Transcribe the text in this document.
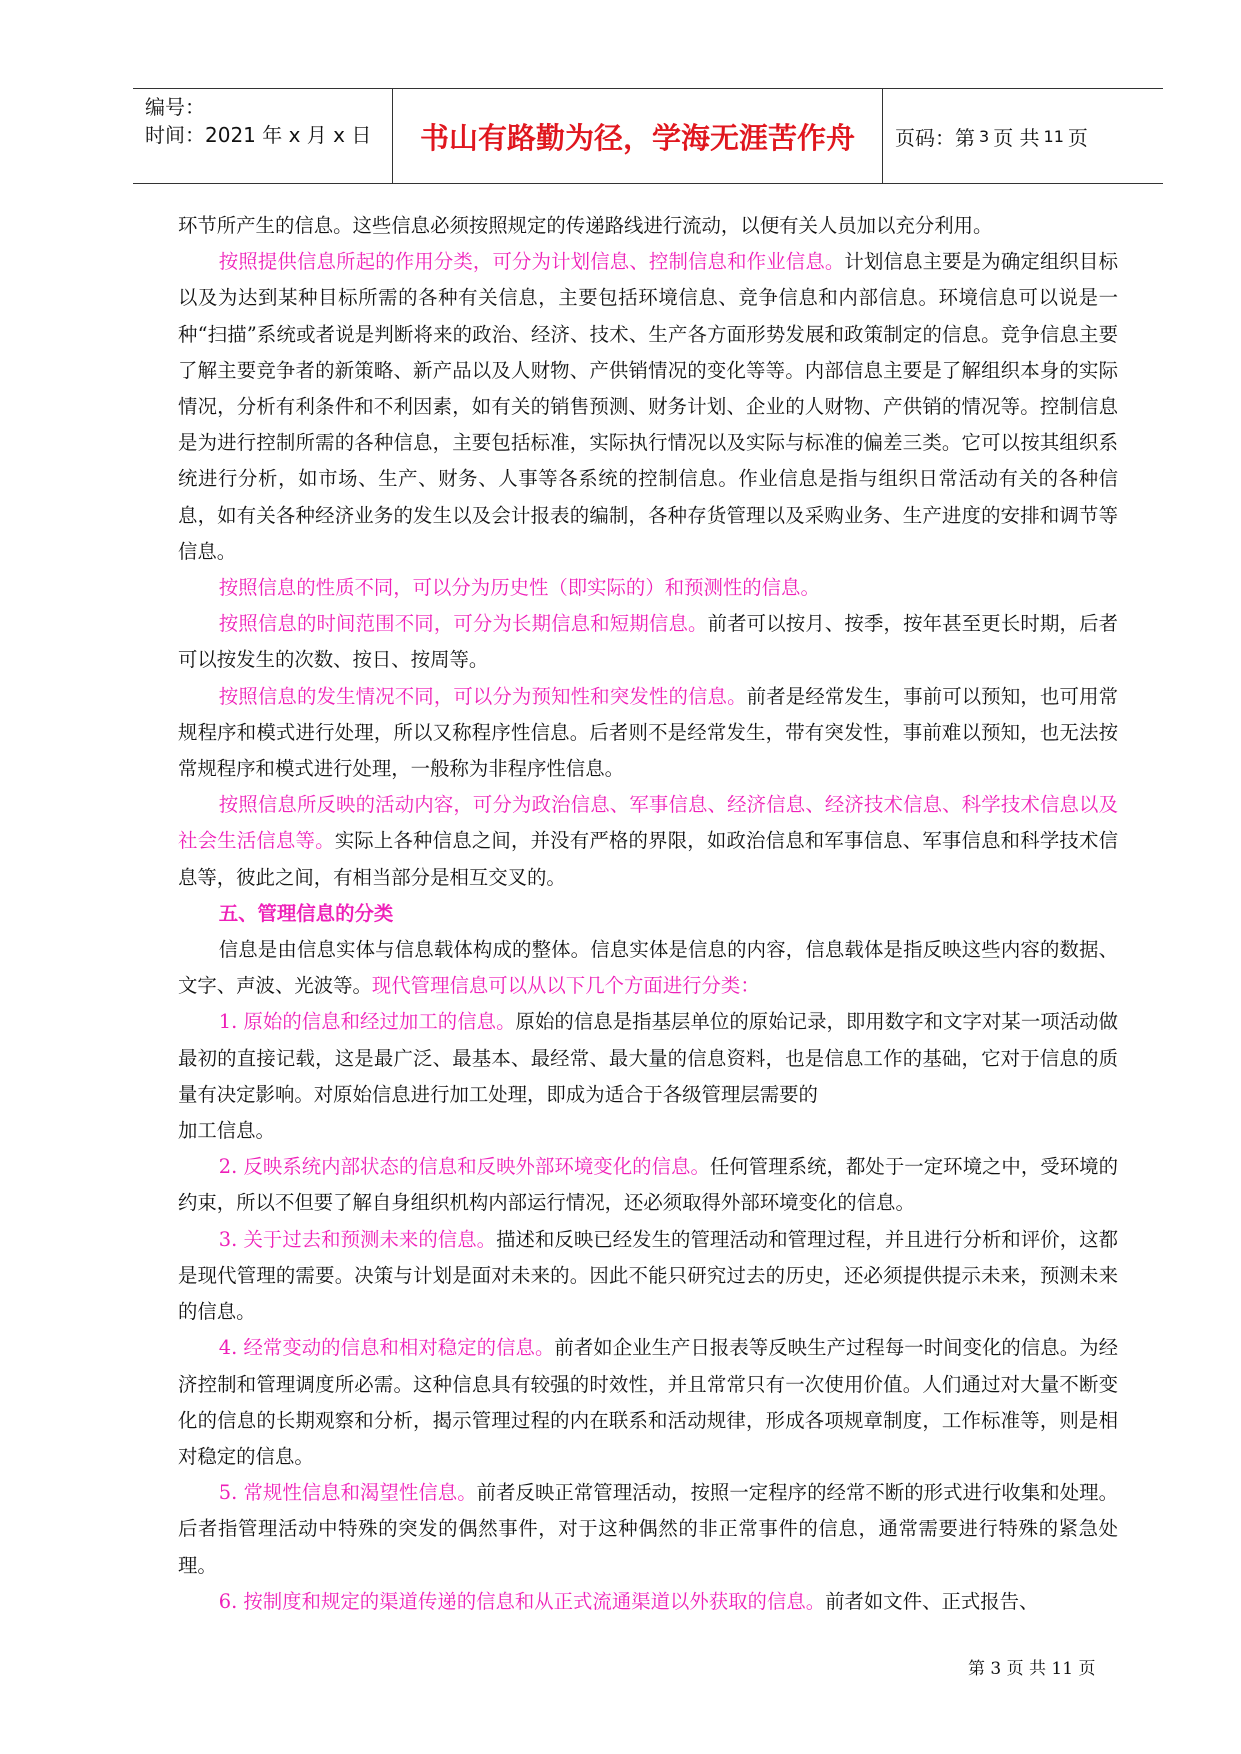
编号：
时间：2021 年 x 月 x 日	书山有路勤为径，学海无涯苦作舟	页码：第 3 页 共 11 页

环节所产生的信息。这些信息必须按照规定的传递路线进行流动，以便有关人员加以充分利用。

按照提供信息所起的作用分类，可分为计划信息、控制信息和作业信息。计划信息主要是为确定组织目标以及为达到某种目标所需的各种有关信息，主要包括环境信息、竞争信息和内部信息。环境信息可以说是一种“扫描”系统或者说是判断将来的政治、经济、技术、生产各方面形势发展和政策制定的信息。竞争信息主要了解主要竞争者的新策略、新产品以及人财物、产供销情况的变化等等。内部信息主要是了解组织本身的实际情况，分析有利条件和不利因素，如有关的销售预测、财务计划、企业的人财物、产供销的情况等。控制信息是为进行控制所需的各种信息，主要包括标准，实际执行情况以及实际与标准的偏差三类。它可以按其组织系统进行分析，如市场、生产、财务、人事等各系统的控制信息。作业信息是指与组织日常活动有关的各种信息，如有关各种经济业务的发生以及会计报表的编制，各种存货管理以及采购业务、生产进度的安排和调节等信息。

按照信息的性质不同，可以分为历史性（即实际的）和预测性的信息。

按照信息的时间范围不同，可分为长期信息和短期信息。前者可以按月、按季，按年甚至更长时期，后者可以按发生的次数、按日、按周等。

按照信息的发生情况不同，可以分为预知性和突发性的信息。前者是经常发生，事前可以预知，也可用常规程序和模式进行处理，所以又称程序性信息。后者则不是经常发生，带有突发性，事前难以预知，也无法按常规程序和模式进行处理，一般称为非程序性信息。

按照信息所反映的活动内容，可分为政治信息、军事信息、经济信息、经济技术信息、科学技术信息以及社会生活信息等。实际上各种信息之间，并没有严格的界限，如政治信息和军事信息、军事信息和科学技术信息等，彼此之间，有相当部分是相互交叉的。

五、管理信息的分类

信息是由信息实体与信息载体构成的整体。信息实体是信息的内容，信息载体是指反映这些内容的数据、文字、声波、光波等。现代管理信息可以从以下几个方面进行分类：

1. 原始的信息和经过加工的信息。原始的信息是指基层单位的原始记录，即用数字和文字对某一项活动做最初的直接记载，这是最广泛、最基本、最经常、最大量的信息资料，也是信息工作的基础，它对于信息的质量有决定影响。对原始信息进行加工处理，即成为适合于各级管理层需要的

加工信息。

2. 反映系统内部状态的信息和反映外部环境变化的信息。任何管理系统，都处于一定环境之中，受环境的约束，所以不但要了解自身组织机构内部运行情况，还必须取得外部环境变化的信息。

3. 关于过去和预测未来的信息。描述和反映已经发生的管理活动和管理过程，并且进行分析和评价，这都是现代管理的需要。决策与计划是面对未来的。因此不能只研究过去的历史，还必须提供提示未来，预测未来的信息。

4. 经常变动的信息和相对稳定的信息。前者如企业生产日报表等反映生产过程每一时间变化的信息。为经济控制和管理调度所必需。这种信息具有较强的时效性，并且常常只有一次使用价值。人们通过对大量不断变化的信息的长期观察和分析，揭示管理过程的内在联系和活动规律，形成各项规章制度，工作标准等，则是相对稳定的信息。

5. 常规性信息和渴望性信息。前者反映正常管理活动，按照一定程序的经常不断的形式进行收集和处理。后者指管理活动中特殊的突发的偶然事件，对于这种偶然的非正常事件的信息，通常需要进行特殊的紧急处理。

6. 按制度和规定的渠道传递的信息和从正式流通渠道以外获取的信息。前者如文件、正式报告、

第 3 页 共 11 页
